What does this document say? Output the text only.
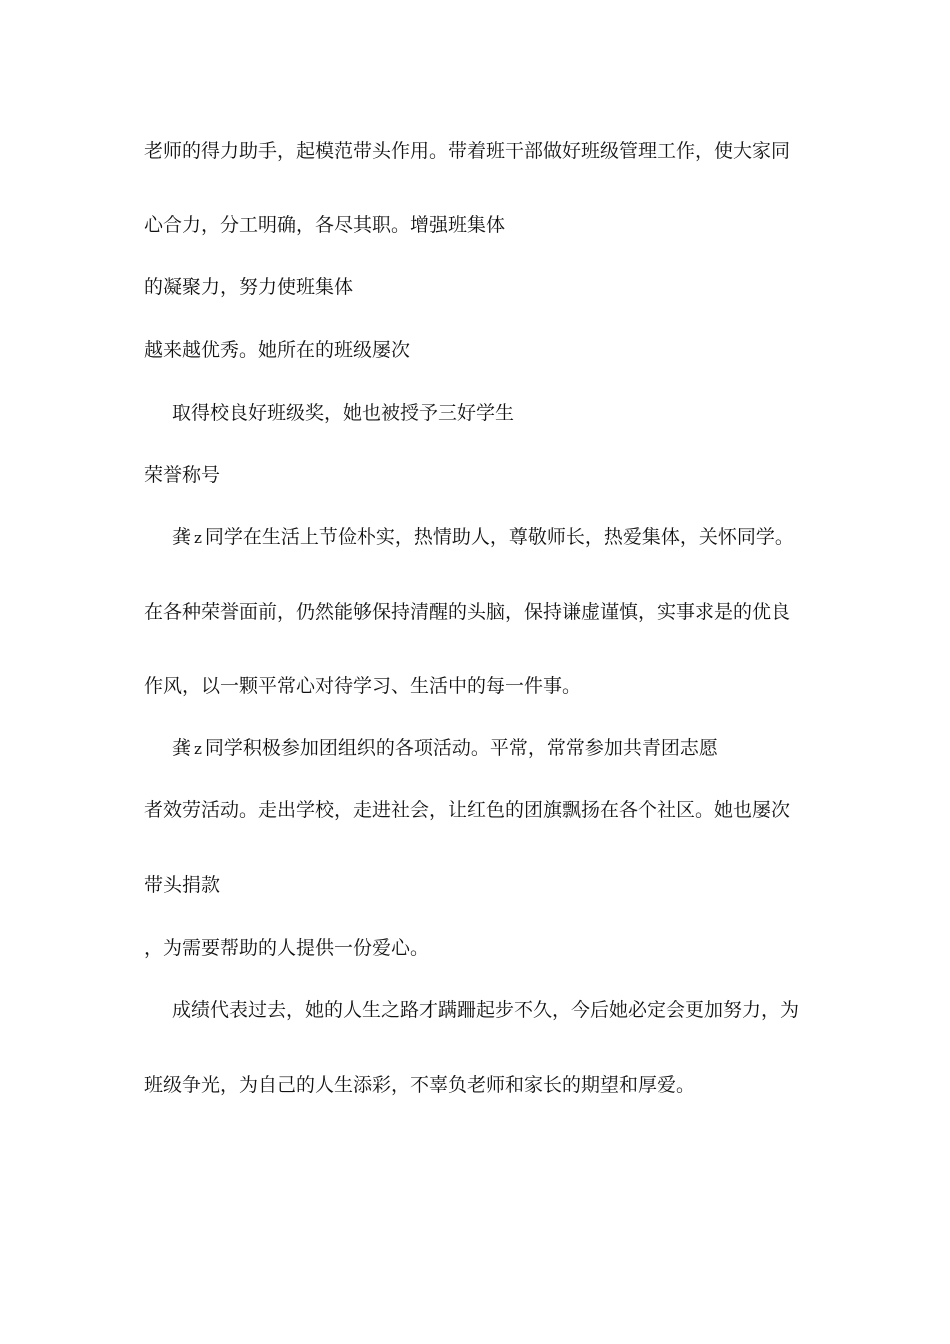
老师的得力助手，起模范带头作用。带着班干部做好班级管理工作，使大家同
心合力，分工明确，各尽其职。增强班集体
的凝聚力，努力使班集体
越来越优秀。她所在的班级屡次
取得校良好班级奖，她也被授予三好学生
荣誉称号
龚 z 同学在生活上节俭朴实，热情助人，尊敬师长，热爱集体，关怀同学。
在各种荣誉面前，仍然能够保持清醒的头脑，保持谦虚谨慎，实事求是的优良
作风，以一颗平常心对待学习、生活中的每一件事。
龚 z 同学积极参加团组织的各项活动。平常，常常参加共青团志愿
者效劳活动。走出学校，走进社会，让红色的团旗飘扬在各个社区。她也屡次
带头捐款
，为需要帮助的人提供一份爱心。
成绩代表过去，她的人生之路才蹒跚起步不久，今后她必定会更加努力，为
班级争光，为自己的人生添彩，不辜负老师和家长的期望和厚爱。
